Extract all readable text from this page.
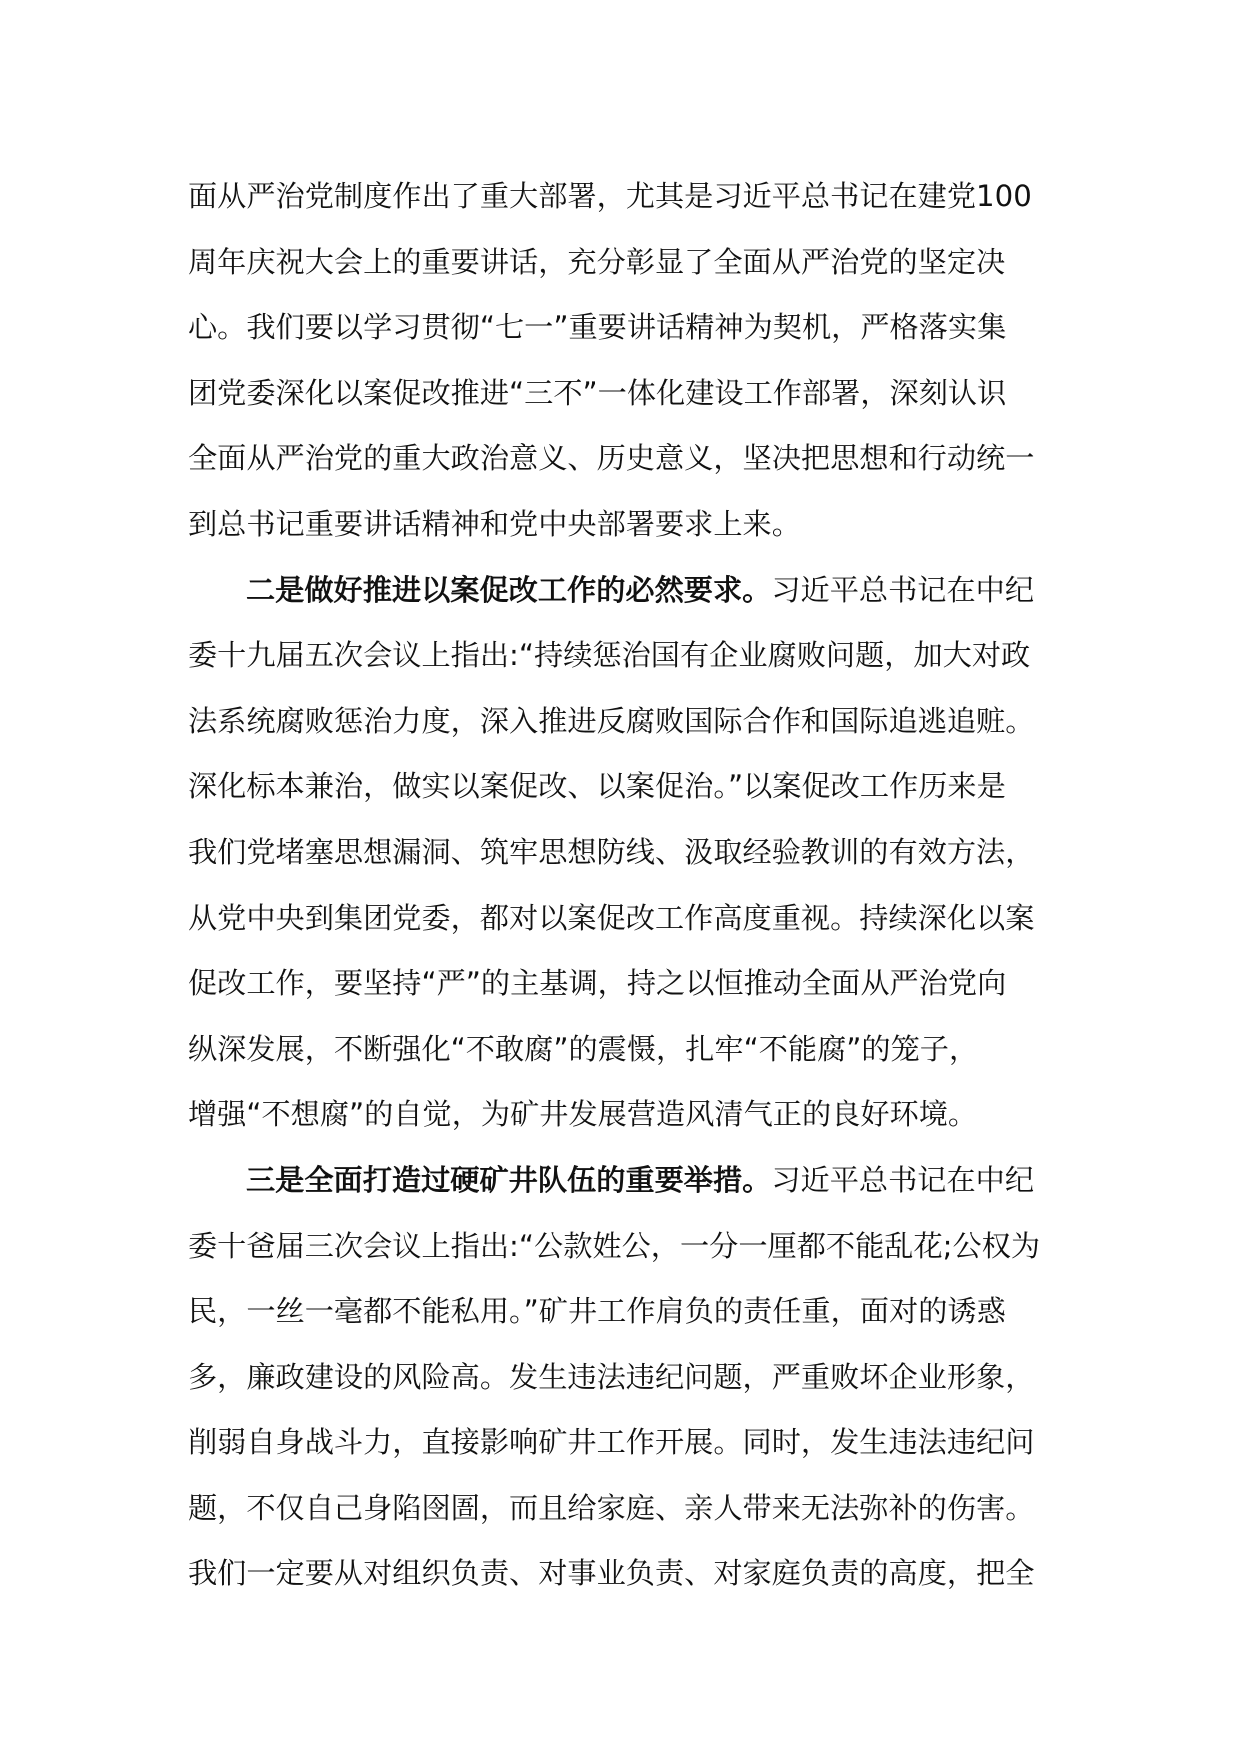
面从严治党制度作出了重大部署，尤其是习近平总书记在建党100
周年庆祝大会上的重要讲话，充分彰显了全面从严治党的坚定决
心。我们要以学习贯彻“七一”重要讲话精神为契机，严格落实集
团党委深化以案促改推进“三不”一体化建设工作部署，深刻认识
全面从严治党的重大政治意义、历史意义，坚决把思想和行动统一
到总书记重要讲话精神和党中央部署要求上来。
二是做好推进以案促改工作的必然要求。习近平总书记在中纪
委十九届五次会议上指出:“持续惩治国有企业腐败问题，加大对政
法系统腐败惩治力度，深入推进反腐败国际合作和国际追逃追赃。
深化标本兼治，做实以案促改、以案促治。”以案促改工作历来是
我们党堵塞思想漏洞、筑牢思想防线、汲取经验教训的有效方法，
从党中央到集团党委，都对以案促改工作高度重视。持续深化以案
促改工作，要坚持“严”的主基调，持之以恒推动全面从严治党向
纵深发展，不断强化“不敢腐”的震慑，扎牢“不能腐”的笼子，
增强“不想腐”的自觉，为矿井发展营造风清气正的良好环境。
三是全面打造过硬矿井队伍的重要举措。习近平总书记在中纪
委十爸届三次会议上指出:“公款姓公，一分一厘都不能乱花;公权为
民，一丝一毫都不能私用。”矿井工作肩负的责任重，面对的诱惑
多，廉政建设的风险高。发生违法违纪问题，严重败坏企业形象，
削弱自身战斗力，直接影响矿井工作开展。同时，发生违法违纪问
题，不仅自己身陷囹圄，而且给家庭、亲人带来无法弥补的伤害。
我们一定要从对组织负责、对事业负责、对家庭负责的高度，把全
